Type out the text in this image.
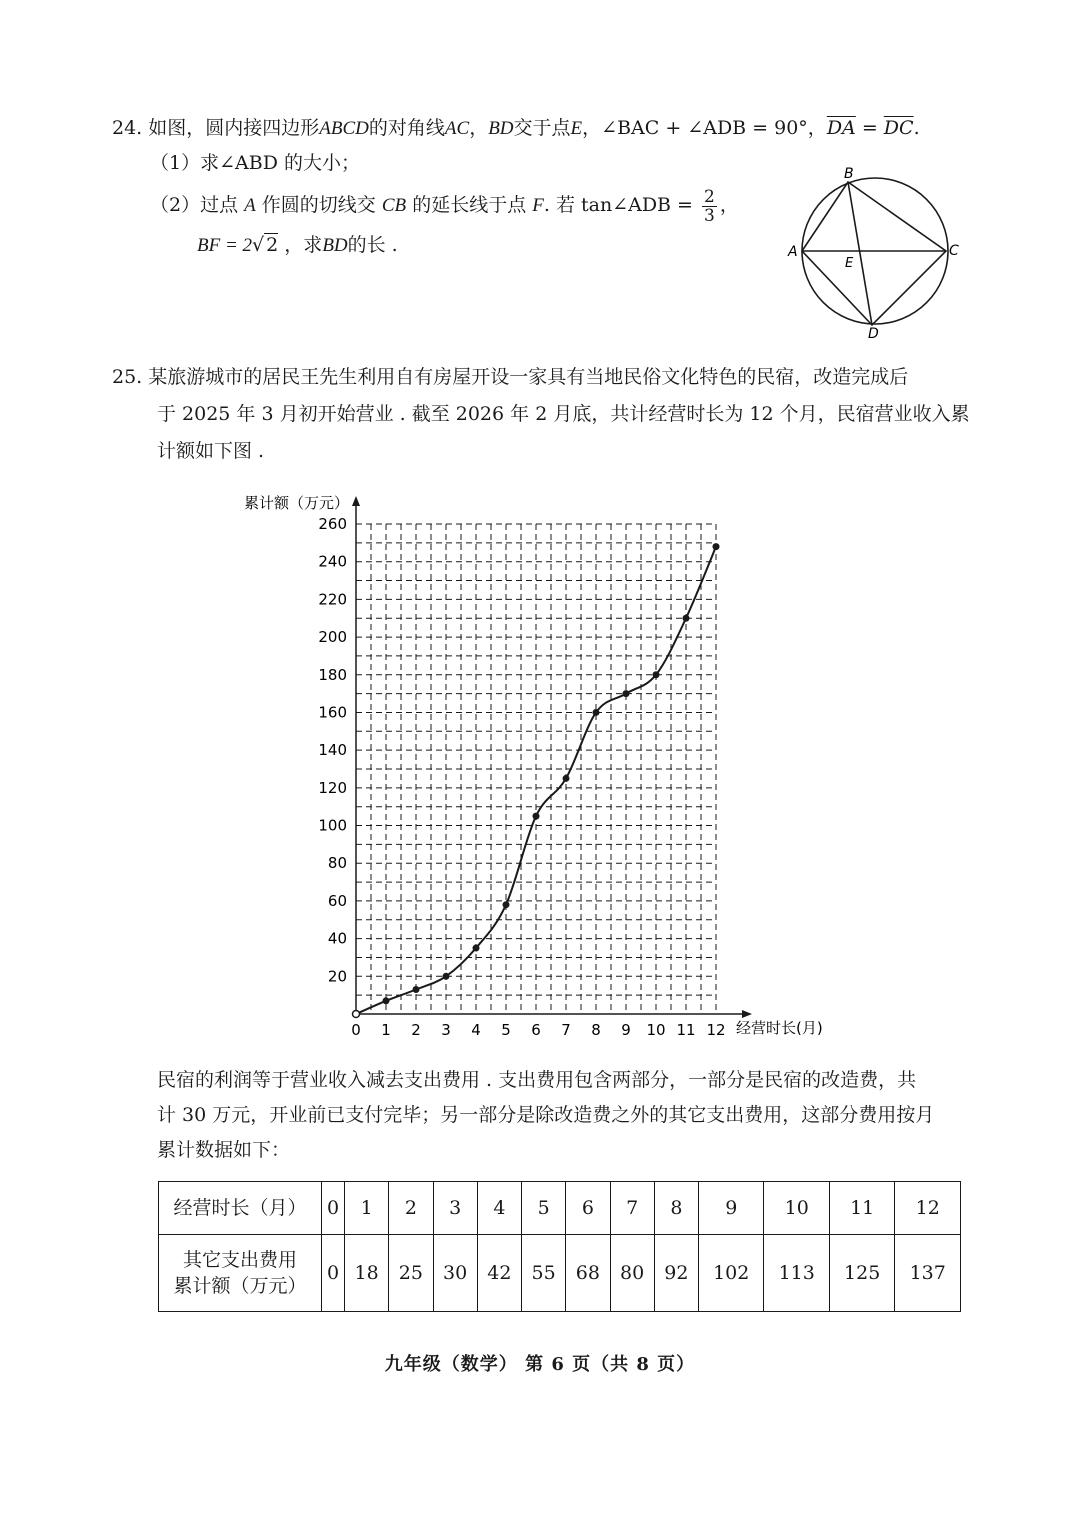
24. 如图，圆内接四边形ABCD的对角线AC，BD交于点E，∠BAC + ∠ADB = 90°，$\overline{DA} = \overline{DC}$.
（1）求∠ABD 的大小；
（2）过点 A 作圆的切线交 CB 的延长线于点 F. 若 tan∠ADB = $\frac{2}{3}$ ，
BF = 2√ 2 ，求BD的长 .
B
A	C
D
E
25. 某旅游城市的居民王先生利用自有房屋开设一家具有当地民俗文化特色的民宿，改造完成后
于 2025 年 3 月初开始营业 . 截至 2026 年 2 月底，共计经营时长为 12 个月，民宿营业收入累
计额如下图 .
累计额（万元）
经营时长(月)
0 1 2 3 4 5 6 7 8 9 10 11 12
20
40
60
80
100
120
140
160
180
200
220
240
260
民宿的利润等于营业收入减去支出费用 . 支出费用包含两部分，一部分是民宿的改造费，共
计 30 万元，开业前已支付完毕；另一部分是除改造费之外的其它支出费用，这部分费用按月
累计数据如下：
经营时长（月）	0	1	2	3	4	5	6	7	8	9	10	11	12

其它支出费用
累计额（万元）	0	18	25	30	42	55	68	80	92	102	113	125	137
九年级（数学） 第 6 页（共 8 页）
